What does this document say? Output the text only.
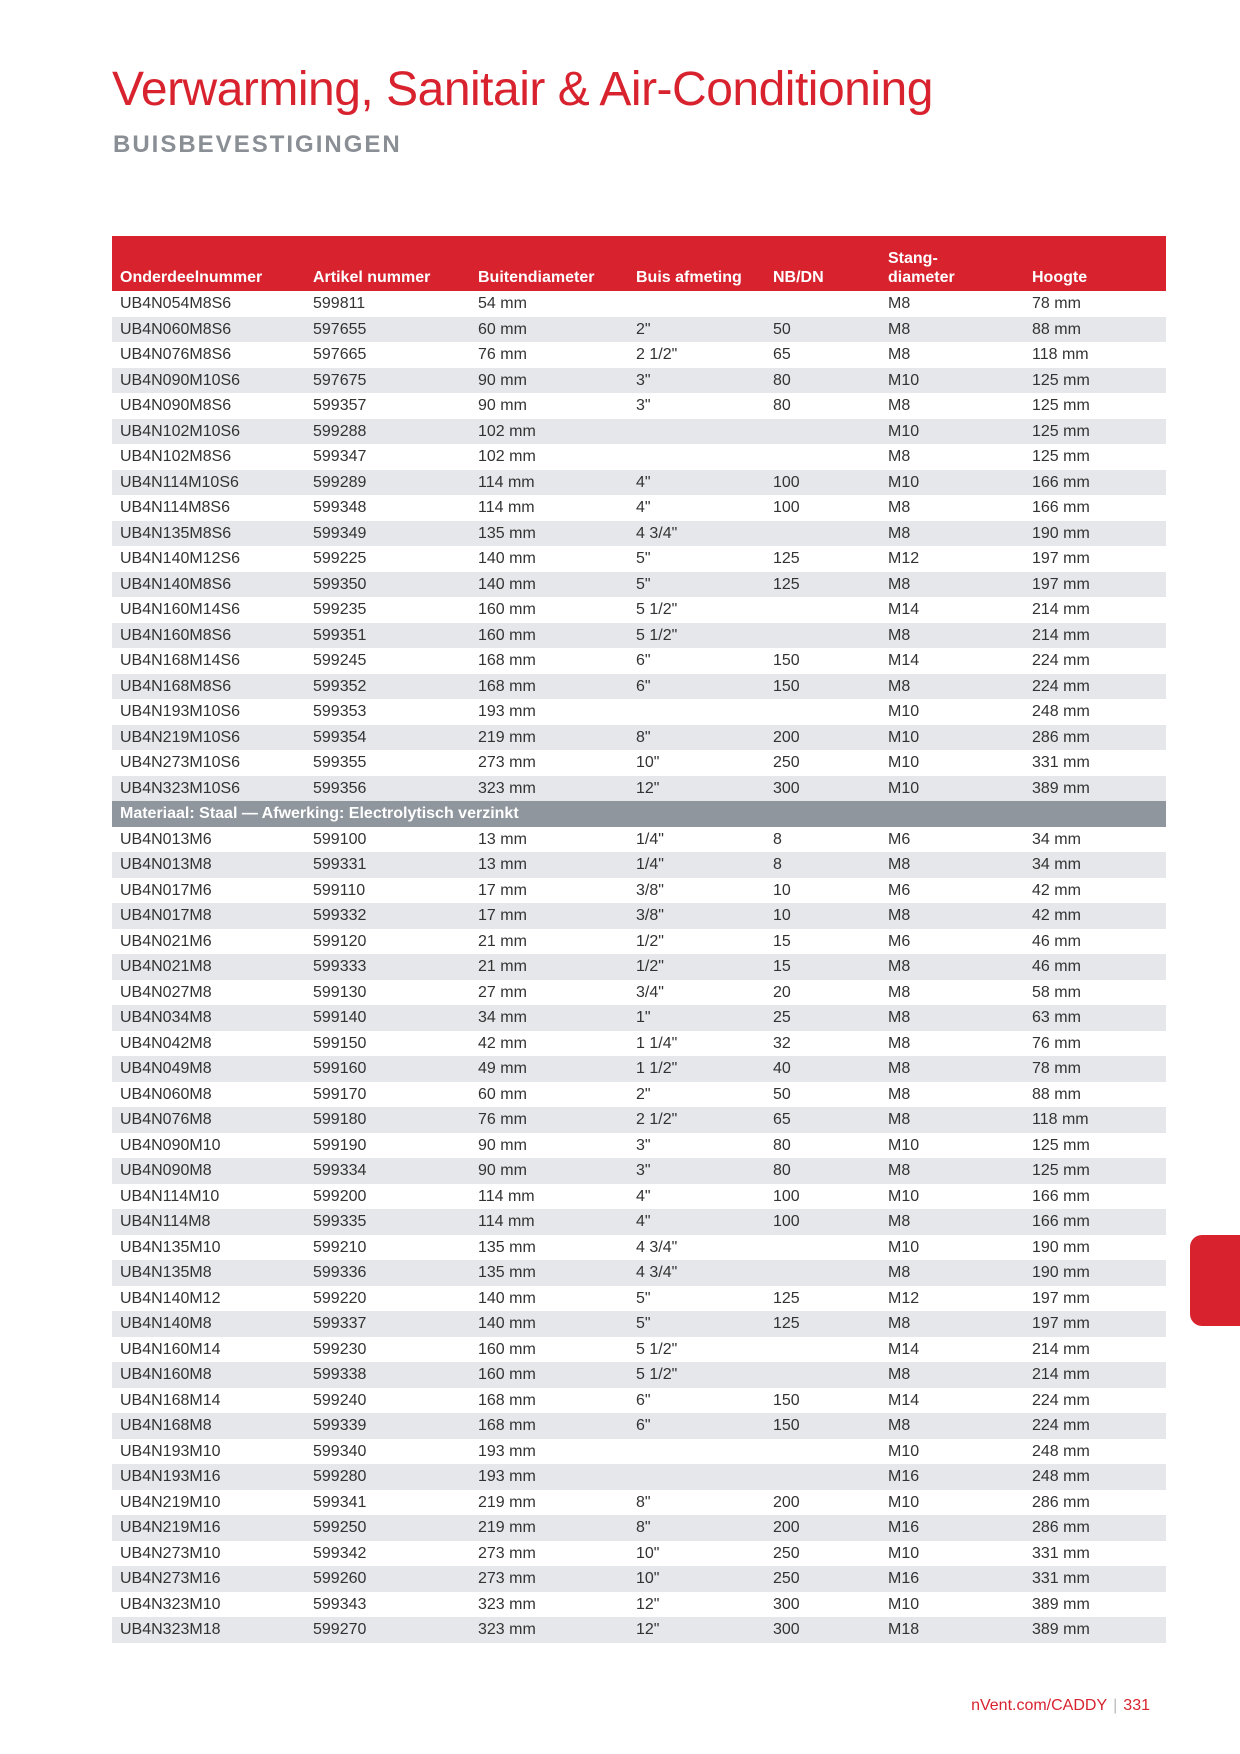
Verwarming, Sanitair & Air-Conditioning
BUISBEVESTIGINGEN
Onderdeelnummer	Artikel nummer	Buitendiameter	Buis afmeting	NB/DN	Stang-
diameter	Hoogte
UB4N054M8S6	599811	54 mm			M8	78 mm
UB4N060M8S6	597655	60 mm	2"	50	M8	88 mm
UB4N076M8S6	597665	76 mm	2 1/2"	65	M8	118 mm
UB4N090M10S6	597675	90 mm	3"	80	M10	125 mm
UB4N090M8S6	599357	90 mm	3"	80	M8	125 mm
UB4N102M10S6	599288	102 mm			M10	125 mm
UB4N102M8S6	599347	102 mm			M8	125 mm
UB4N114M10S6	599289	114 mm	4"	100	M10	166 mm
UB4N114M8S6	599348	114 mm	4"	100	M8	166 mm
UB4N135M8S6	599349	135 mm	4 3/4"		M8	190 mm
UB4N140M12S6	599225	140 mm	5"	125	M12	197 mm
UB4N140M8S6	599350	140 mm	5"	125	M8	197 mm
UB4N160M14S6	599235	160 mm	5 1/2"		M14	214 mm
UB4N160M8S6	599351	160 mm	5 1/2"		M8	214 mm
UB4N168M14S6	599245	168 mm	6"	150	M14	224 mm
UB4N168M8S6	599352	168 mm	6"	150	M8	224 mm
UB4N193M10S6	599353	193 mm			M10	248 mm
UB4N219M10S6	599354	219 mm	8"	200	M10	286 mm
UB4N273M10S6	599355	273 mm	10"	250	M10	331 mm
UB4N323M10S6	599356	323 mm	12"	300	M10	389 mm
Materiaal: Staal — Afwerking: Electrolytisch verzinkt						
UB4N013M6	599100	13 mm	1/4"	8	M6	34 mm
UB4N013M8	599331	13 mm	1/4"	8	M8	34 mm
UB4N017M6	599110	17 mm	3/8"	10	M6	42 mm
UB4N017M8	599332	17 mm	3/8"	10	M8	42 mm
UB4N021M6	599120	21 mm	1/2"	15	M6	46 mm
UB4N021M8	599333	21 mm	1/2"	15	M8	46 mm
UB4N027M8	599130	27 mm	3/4"	20	M8	58 mm
UB4N034M8	599140	34 mm	1"	25	M8	63 mm
UB4N042M8	599150	42 mm	1 1/4"	32	M8	76 mm
UB4N049M8	599160	49 mm	1 1/2"	40	M8	78 mm
UB4N060M8	599170	60 mm	2"	50	M8	88 mm
UB4N076M8	599180	76 mm	2 1/2"	65	M8	118 mm
UB4N090M10	599190	90 mm	3"	80	M10	125 mm
UB4N090M8	599334	90 mm	3"	80	M8	125 mm
UB4N114M10	599200	114 mm	4"	100	M10	166 mm
UB4N114M8	599335	114 mm	4"	100	M8	166 mm
UB4N135M10	599210	135 mm	4 3/4"		M10	190 mm
UB4N135M8	599336	135 mm	4 3/4"		M8	190 mm
UB4N140M12	599220	140 mm	5"	125	M12	197 mm
UB4N140M8	599337	140 mm	5"	125	M8	197 mm
UB4N160M14	599230	160 mm	5 1/2"		M14	214 mm
UB4N160M8	599338	160 mm	5 1/2"		M8	214 mm
UB4N168M14	599240	168 mm	6"	150	M14	224 mm
UB4N168M8	599339	168 mm	6"	150	M8	224 mm
UB4N193M10	599340	193 mm			M10	248 mm
UB4N193M16	599280	193 mm			M16	248 mm
UB4N219M10	599341	219 mm	8"	200	M10	286 mm
UB4N219M16	599250	219 mm	8"	200	M16	286 mm
UB4N273M10	599342	273 mm	10"	250	M10	331 mm
UB4N273M16	599260	273 mm	10"	250	M16	331 mm
UB4N323M10	599343	323 mm	12"	300	M10	389 mm
UB4N323M18	599270	323 mm	12"	300	M18	389 mm
nVent.com/CADDY | 331
